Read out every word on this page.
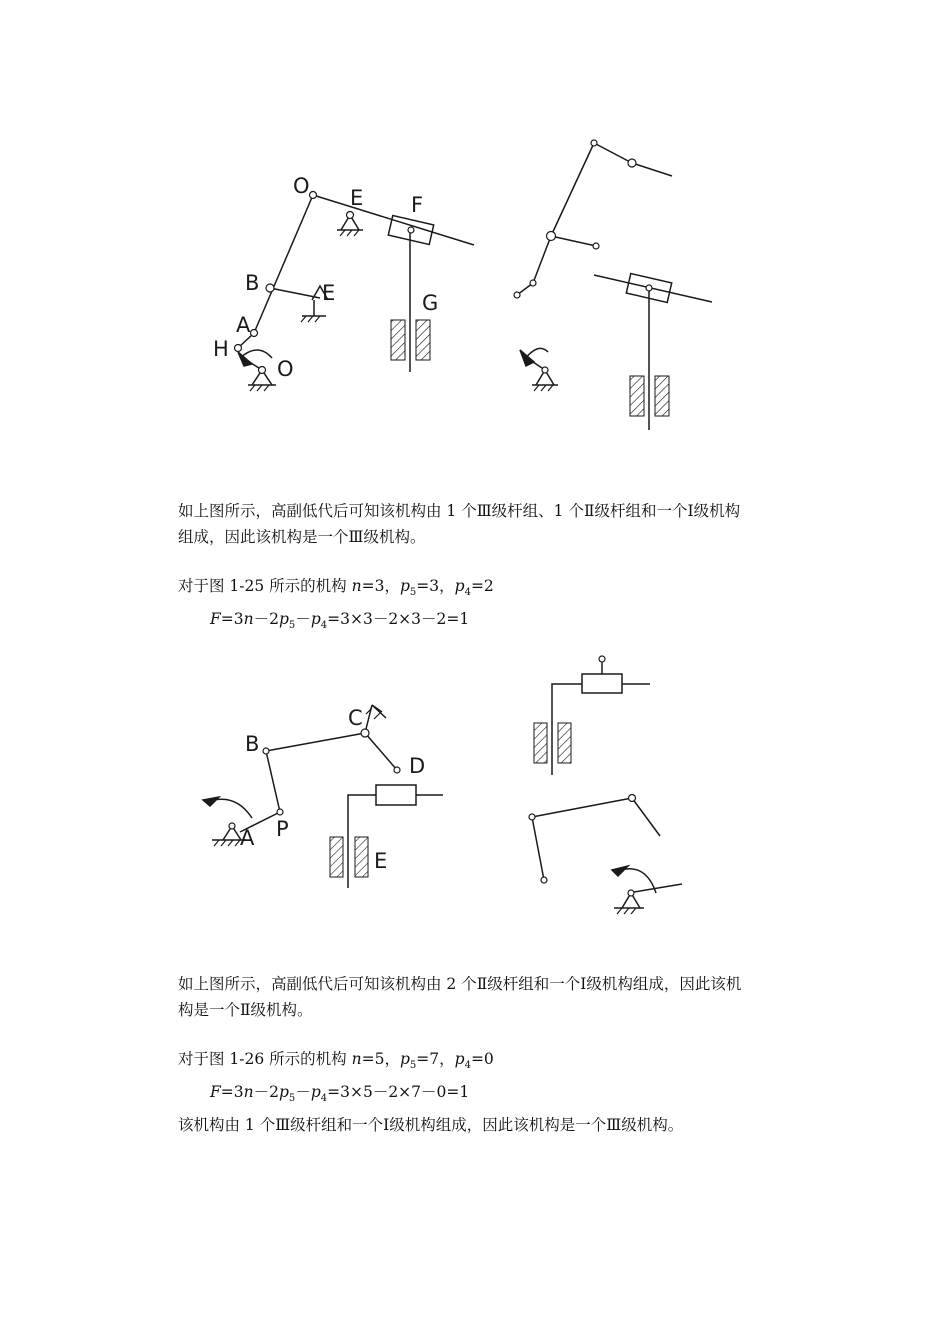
O E F
B	E
A
H
O
G

如上图所示，高副低代后可知该机构由 1 个Ⅲ级杆组、1 个Ⅱ级杆组和一个Ⅰ级机构

组成，因此该机构是一个Ⅲ级机构。

对于图 1-25 所示的机构 n=3，$p_5=3$，$p_4=2$

$F=3n-2p_5-p_4=3\times 3-2\times 3-2=1$

C
B
D
P
A
E

如上图所示，高副低代后可知该机构由 2 个Ⅱ级杆组和一个Ⅰ级机构组成，因此该机

构是一个Ⅱ级机构。

对于图 1-26 所示的机构 n=5，$p_5=7$，$p_4=0$

$F=3n-2p_5-p_4=3\times 5-2\times 7-0=1$

该机构由 1 个Ⅲ级杆组和一个Ⅰ级机构组成，因此该机构是一个Ⅲ级机构。
